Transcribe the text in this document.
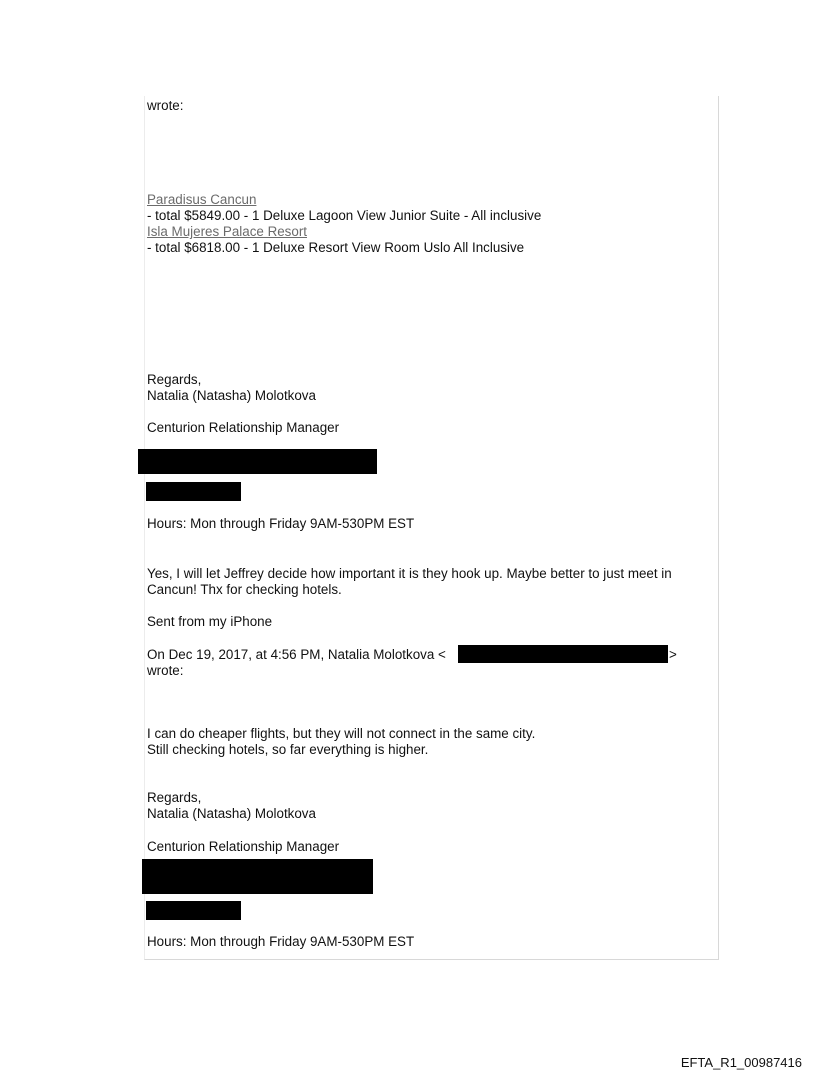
wrote:
Paradisus Cancun
- total $5849.00 - 1 Deluxe Lagoon View Junior Suite - All inclusive
Isla Mujeres Palace Resort
- total $6818.00 - 1 Deluxe Resort View Room Uslo All Inclusive
Regards,
Natalia (Natasha) Molotkova
Centurion Relationship Manager
Hours: Mon through Friday 9AM-530PM EST
Yes, I will let Jeffrey decide how important it is they hook up. Maybe better to just meet in
Cancun! Thx for checking hotels.
Sent from my iPhone
On Dec 19, 2017, at 4:56 PM, Natalia Molotkova <	>
wrote:
I can do cheaper flights, but they will not connect in the same city.
Still checking hotels, so far everything is higher.
Regards,
Natalia (Natasha) Molotkova
Centurion Relationship Manager
Hours: Mon through Friday 9AM-530PM EST
EFTA_R1_00987416
